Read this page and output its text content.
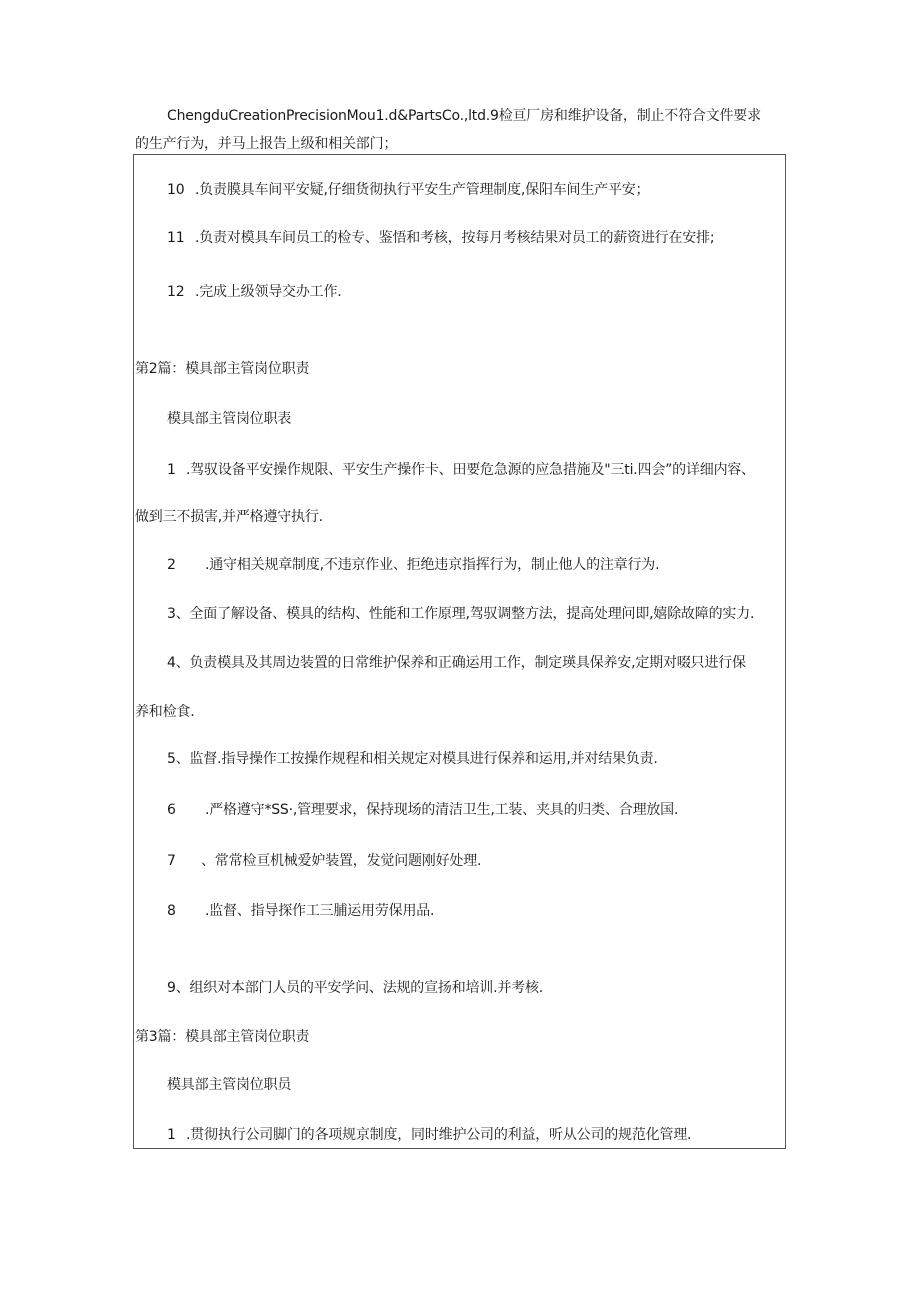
ChengduCreationPrecisionMou1.d&PartsCo.,ltd.9检亘厂房和维护设备，制止不符合文件要求
的生产行为，并马上报告上级和相关部门；
10 .负责膜具车间平安疑,仔细货彻执行平安生产管理制度,保阳车间生产平安；
11 .负责对模具车间员工的检专、鉴悟和考核，按每月考核结果对员工的薪资进行在安排;
12 .完成上级领导交办工作.
第2篇：模具部主管岗位职责
模具部主管岗位职表
1 .驾驭设备平安操作规限、平安生产操作卡、田要危急源的应急措施及"三ti.四会”的详细内容、
做到三不损害,并严格遵守执行.
2 .通守相关规章制度,不违京作业、拒绝违京指挥行为，制止他人的注章行为.
3、全面了解设备、模具的结构、性能和工作原理,驾驭调整方法，提高处理问即,嬉除故障的实力.
4、负责模具及其周边装置的日常维护保养和正确运用工作，制定瑛具保养安,定期对啜只进行保
养和检食.
5、监督.指导操作工按操作规程和相关规定对模具进行保养和运用,并对结果负责.
6 .严格遵守*SS·,管理要求，保持现场的清洁卫生,工装、夹具的归类、合理放国.
7 、常常检亘机械爱妒装置，发觉问题刚好处理.
8 .监督、指导探作工三脯运用劳保用品.
9、组织对本部门人员的平安学问、法规的宣扬和培训.并考核.
第3篇：模具部主管岗位职责
模具部主管岗位职员
1 .贯彻执行公司脚门的各项规京制度，同时维护公司的利益，听从公司的规范化管理.
